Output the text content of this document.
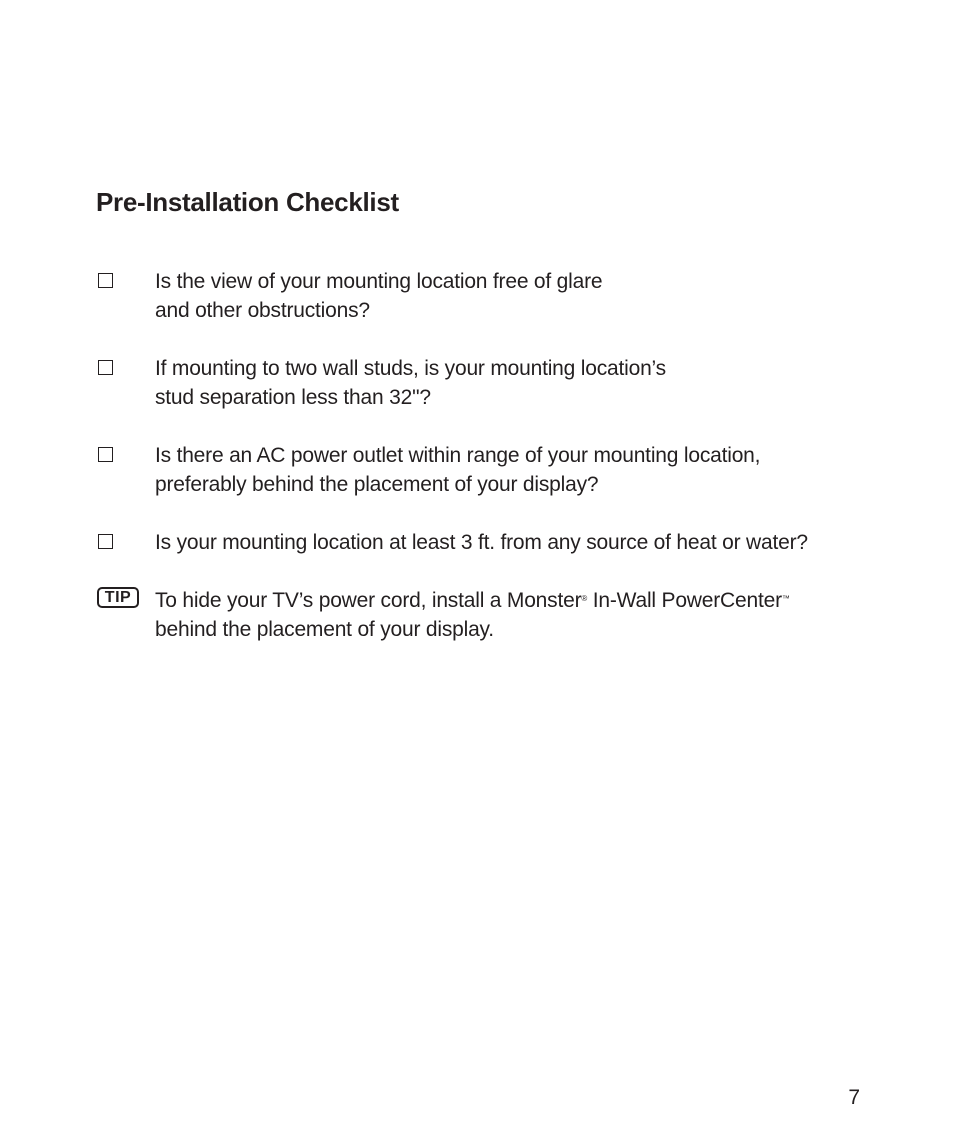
Pre-Installation Checklist
Is the view of your mounting location free of glare
and other obstructions?
If mounting to two wall studs, is your mounting location’s
stud separation less than 32"?
Is there an AC power outlet within range of your mounting location,
preferably behind the placement of your display?
Is your mounting location at least 3 ft. from any source of heat or water?
TIP	To hide your TV’s power cord, install a Monster® In-Wall PowerCenter™
behind the placement of your display.
7
